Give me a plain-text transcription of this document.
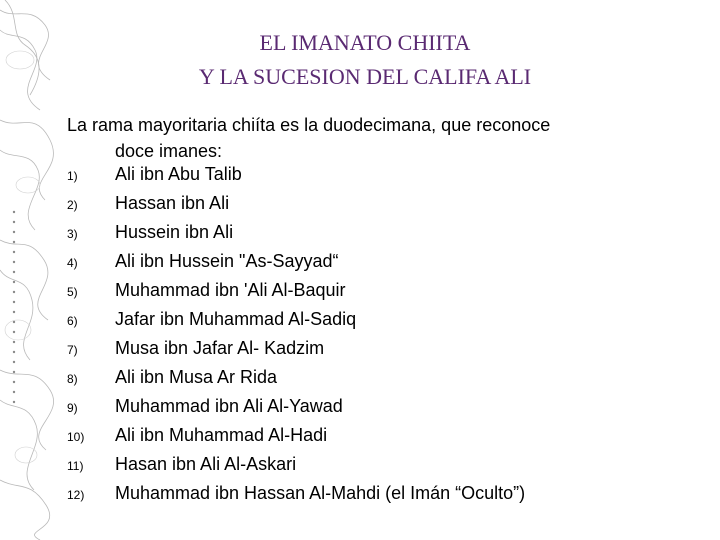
EL IMANATO CHIITA
Y LA SUCESION DEL CALIFA ALI
La rama mayoritaria chiíta es la duodecimana, que reconoce
doce imanes:
1) Ali ibn Abu Talib
2) Hassan ibn Ali
3) Hussein ibn Ali
4) Ali ibn Hussein "As-Sayyad“
5) Muhammad ibn 'Ali Al-Baquir
6) Jafar ibn Muhammad Al-Sadiq
7) Musa ibn Jafar Al- Kadzim
8) Ali ibn Musa Ar Rida
9) Muhammad ibn Ali Al-Yawad
10) Ali ibn Muhammad Al-Hadi
11) Hasan ibn Ali Al-Askari
12) Muhammad ibn Hassan Al-Mahdi (el Imán “Oculto”)
